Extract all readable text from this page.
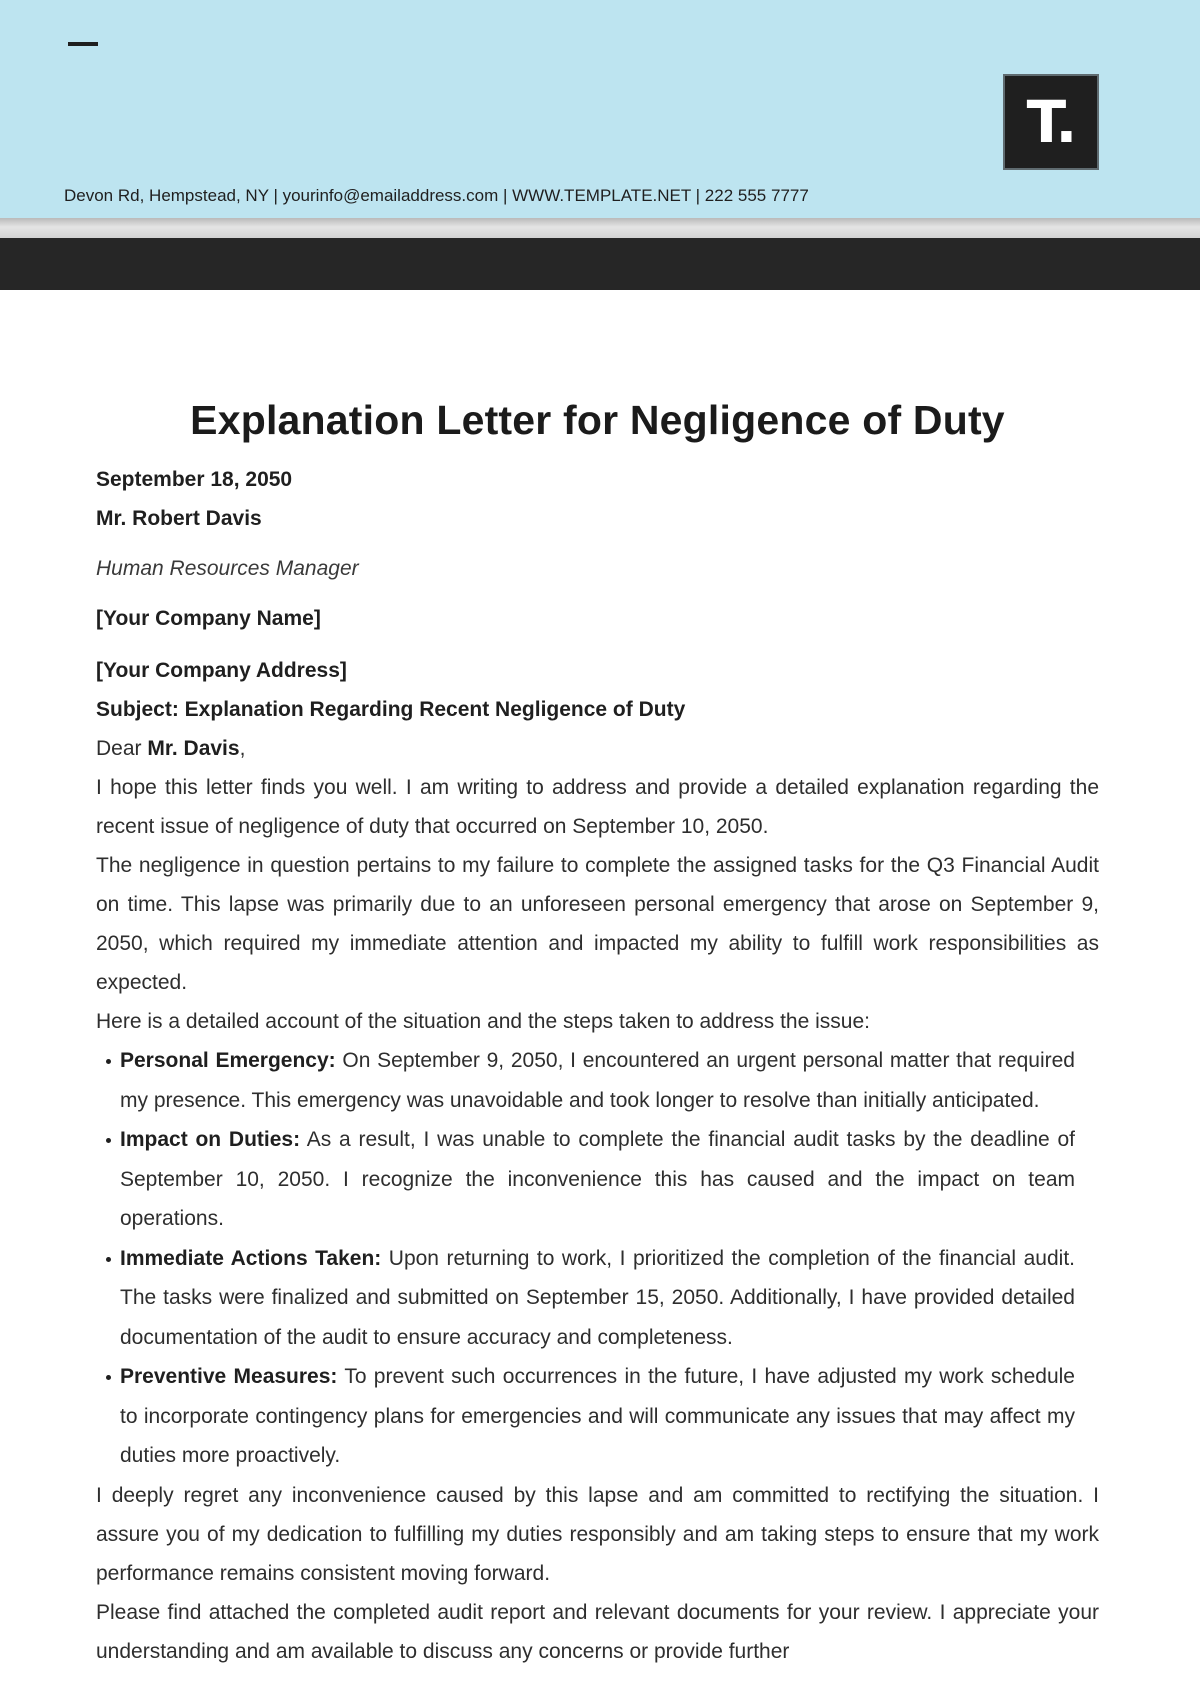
T.
Devon Rd, Hempstead, NY | yourinfo@emailaddress.com | WWW.TEMPLATE.NET | 222 555 7777
Explanation Letter for Negligence of Duty
September 18, 2050
Mr. Robert Davis
Human Resources Manager
[Your Company Name]
[Your Company Address]
Subject: Explanation Regarding Recent Negligence of Duty

Dear Mr. Davis,

I hope this letter finds you well. I am writing to address and provide a detailed explanation regarding the recent issue of negligence of duty that occurred on September 10, 2050.

The negligence in question pertains to my failure to complete the assigned tasks for the Q3 Financial Audit on time. This lapse was primarily due to an unforeseen personal emergency that arose on September 9, 2050, which required my immediate attention and impacted my ability to fulfill work responsibilities as expected.

Here is a detailed account of the situation and the steps taken to address the issue:

Personal Emergency: On September 9, 2050, I encountered an urgent personal matter that required my presence. This emergency was unavoidable and took longer to resolve than initially anticipated.
Impact on Duties: As a result, I was unable to complete the financial audit tasks by the deadline of September 10, 2050. I recognize the inconvenience this has caused and the impact on team operations.
Immediate Actions Taken: Upon returning to work, I prioritized the completion of the financial audit. The tasks were finalized and submitted on September 15, 2050. Additionally, I have provided detailed documentation of the audit to ensure accuracy and completeness.
Preventive Measures: To prevent such occurrences in the future, I have adjusted my work schedule to incorporate contingency plans for emergencies and will communicate any issues that may affect my duties more proactively.

I deeply regret any inconvenience caused by this lapse and am committed to rectifying the situation. I assure you of my dedication to fulfilling my duties responsibly and am taking steps to ensure that my work performance remains consistent moving forward.

Please find attached the completed audit report and relevant documents for your review. I appreciate your understanding and am available to discuss any concerns or provide further
